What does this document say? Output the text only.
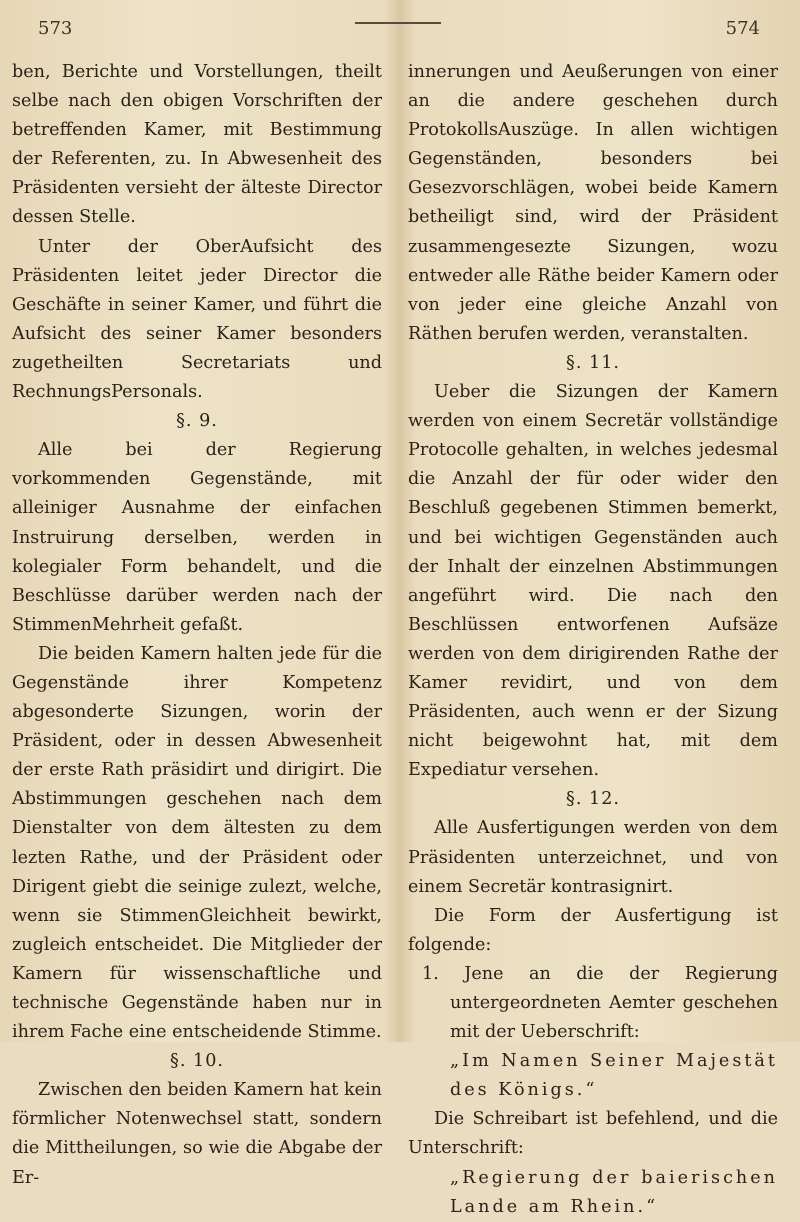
573	574

ben, Berichte und Vorstellungen, theilt selbe nach den obigen Vorschriften der betreffenden Kamer, mit Bestimmung der Referenten, zu. In Abwesenheit des Präsidenten versieht der älteste Director dessen Stelle.

Unter der OberAufsicht des Präsidenten leitet jeder Director die Geschäfte in seiner Kamer, und führt die Aufsicht des seiner Kamer besonders zugetheilten Secretariats und RechnungsPersonals.

§. 9.

Alle bei der Regierung vorkommenden Gegenstände, mit alleiniger Ausnahme der einfachen Instruirung derselben, werden in kolegialer Form behandelt, und die Beschlüsse darüber werden nach der StimmenMehrheit gefaßt.

Die beiden Kamern halten jede für die Gegenstände ihrer Kompetenz abgesonderte Sizungen, worin der Präsident, oder in dessen Abwesenheit der erste Rath präsidirt und dirigirt. Die Abstimmungen geschehen nach dem Dienstalter von dem ältesten zu dem lezten Rathe, und der Präsident oder Dirigent giebt die seinige zulezt, welche, wenn sie StimmenGleichheit bewirkt, zugleich entscheidet. Die Mitglieder der Kamern für wissenschaftliche und technische Gegenstände haben nur in ihrem Fache eine entscheidende Stimme.

§. 10.

Zwischen den beiden Kamern hat kein förmlicher Notenwechsel statt, sondern die Mittheilungen, so wie die Abgabe der Er-

innerungen und Aeußerungen von einer an die andere geschehen durch ProtokollsAuszüge. In allen wichtigen Gegenständen, besonders bei Gesezvorschlägen, wobei beide Kamern betheiligt sind, wird der Präsident zusammengesezte Sizungen, wozu entweder alle Räthe beider Kamern oder von jeder eine gleiche Anzahl von Räthen berufen werden, veranstalten.

§. 11.

Ueber die Sizungen der Kamern werden von einem Secretär vollständige Protocolle gehalten, in welches jedesmal die Anzahl der für oder wider den Beschluß gegebenen Stimmen bemerkt, und bei wichtigen Gegenständen auch der Inhalt der einzelnen Abstimmungen angeführt wird. Die nach den Beschlüssen entworfenen Aufsäze werden von dem dirigirenden Rathe der Kamer revidirt, und von dem Präsidenten, auch wenn er der Sizung nicht beigewohnt hat, mit dem Expediatur versehen.

§. 12.

Alle Ausfertigungen werden von dem Präsidenten unterzeichnet, und von einem Secretär kontrasignirt.

Die Form der Ausfertigung ist folgende:

1. Jene an die der Regierung untergeordneten Aemter geschehen mit der Ueberschrift:

„Im Namen Seiner Majestät des Königs.“

Die Schreibart ist befehlend, und die Unterschrift:

„Regierung der baierischen Lande am Rhein.“
